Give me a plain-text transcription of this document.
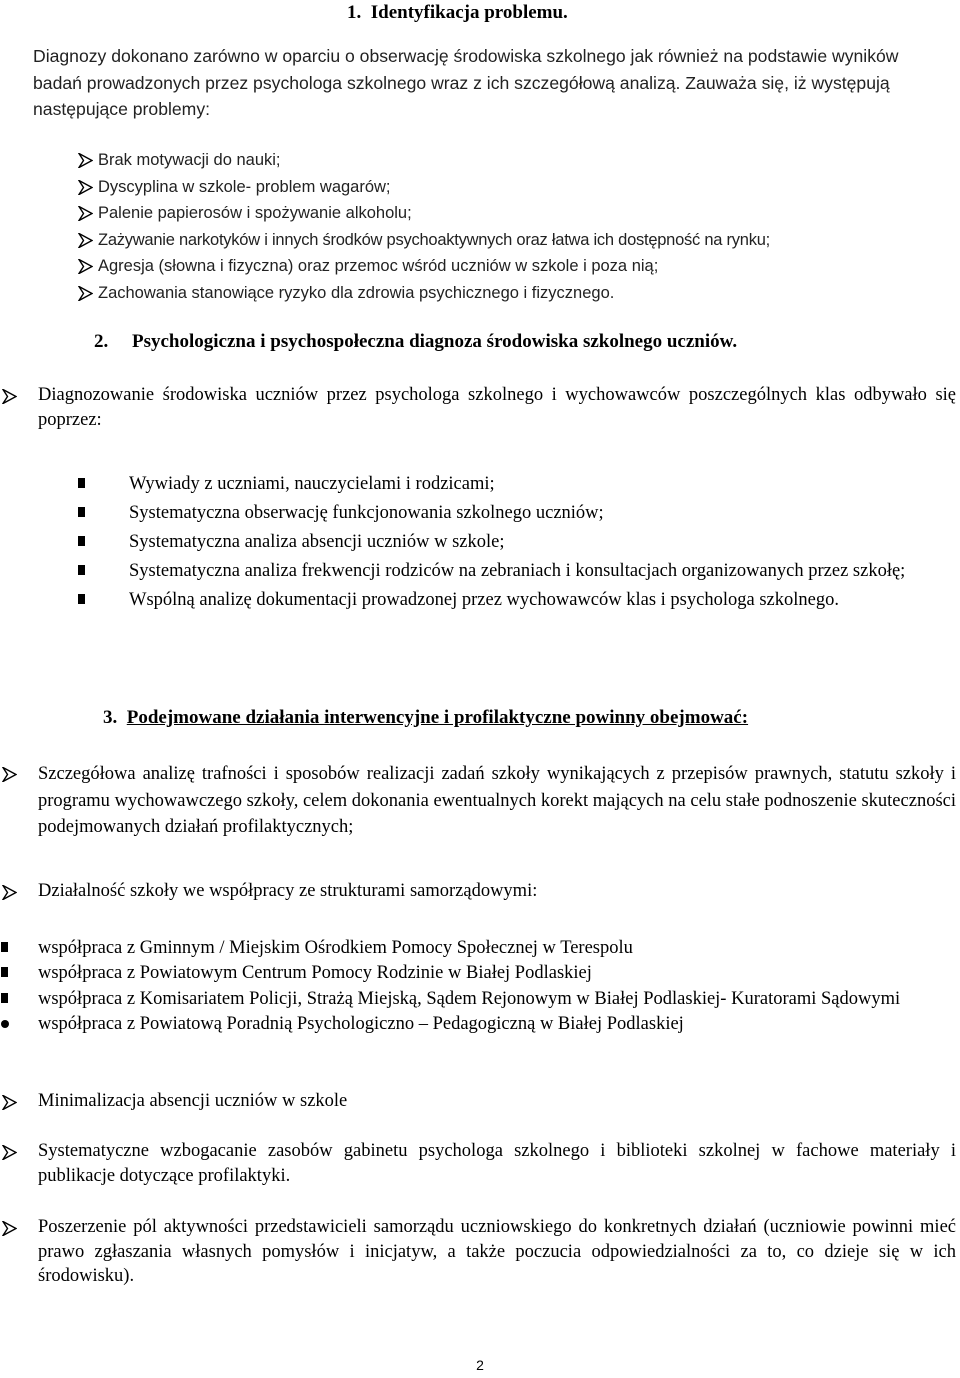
1. Identyfikacja problemu.
Diagnozy dokonano zarówno w oparciu o obserwację środowiska szkolnego jak również na podstawie wyników badań prowadzonych przez psychologa szkolnego wraz z ich szczegółową analizą. Zauważa się, iż występują następujące problemy:
Brak motywacji do nauki;
Dyscyplina w szkole- problem wagarów;
Palenie papierosów i spożywanie alkoholu;
Zażywanie narkotyków i innych środków psychoaktywnych oraz łatwa ich dostępność na rynku;
Agresja (słowna i fizyczna) oraz przemoc wśród uczniów w szkole i poza nią;
Zachowania stanowiące ryzyko dla zdrowia psychicznego i fizycznego.
2. Psychologiczna i psychospołeczna diagnoza środowiska szkolnego uczniów.
Diagnozowanie środowiska uczniów przez psychologa szkolnego i wychowawców poszczególnych klas odbywało się poprzez:
Wywiady z uczniami, nauczycielami i rodzicami;
Systematyczna obserwację funkcjonowania szkolnego uczniów;
Systematyczna analiza absencji uczniów w szkole;
Systematyczna analiza frekwencji rodziców na zebraniach i konsultacjach organizowanych przez szkołę;
Wspólną analizę dokumentacji prowadzonej przez wychowawców klas i psychologa szkolnego.
3. Podejmowane działania interwencyjne i profilaktyczne powinny obejmować:
Szczegółowa analizę trafności i sposobów realizacji zadań szkoły wynikających z przepisów prawnych, statutu szkoły i programu wychowawczego szkoły, celem dokonania ewentualnych korekt mających na celu stałe podnoszenie skuteczności podejmowanych działań profilaktycznych;
Działalność szkoły we współpracy ze strukturami samorządowymi:
współpraca z Gminnym / Miejskim Ośrodkiem Pomocy Społecznej w Terespolu
współpraca z Powiatowym Centrum Pomocy Rodzinie w Białej Podlaskiej
współpraca z Komisariatem Policji, Strażą Miejską, Sądem Rejonowym w Białej Podlaskiej- Kuratorami Sądowymi
współpraca z Powiatową Poradnią Psychologiczno – Pedagogiczną w Białej Podlaskiej
Minimalizacja absencji uczniów w szkole
Systematyczne wzbogacanie zasobów gabinetu psychologa szkolnego i biblioteki szkolnej w fachowe materiały i publikacje dotyczące profilaktyki.
Poszerzenie pól aktywności przedstawicieli samorządu uczniowskiego do konkretnych działań (uczniowie powinni mieć prawo zgłaszania własnych pomysłów i inicjatyw, a także poczucia odpowiedzialności za to, co dzieje się w ich środowisku).
2
